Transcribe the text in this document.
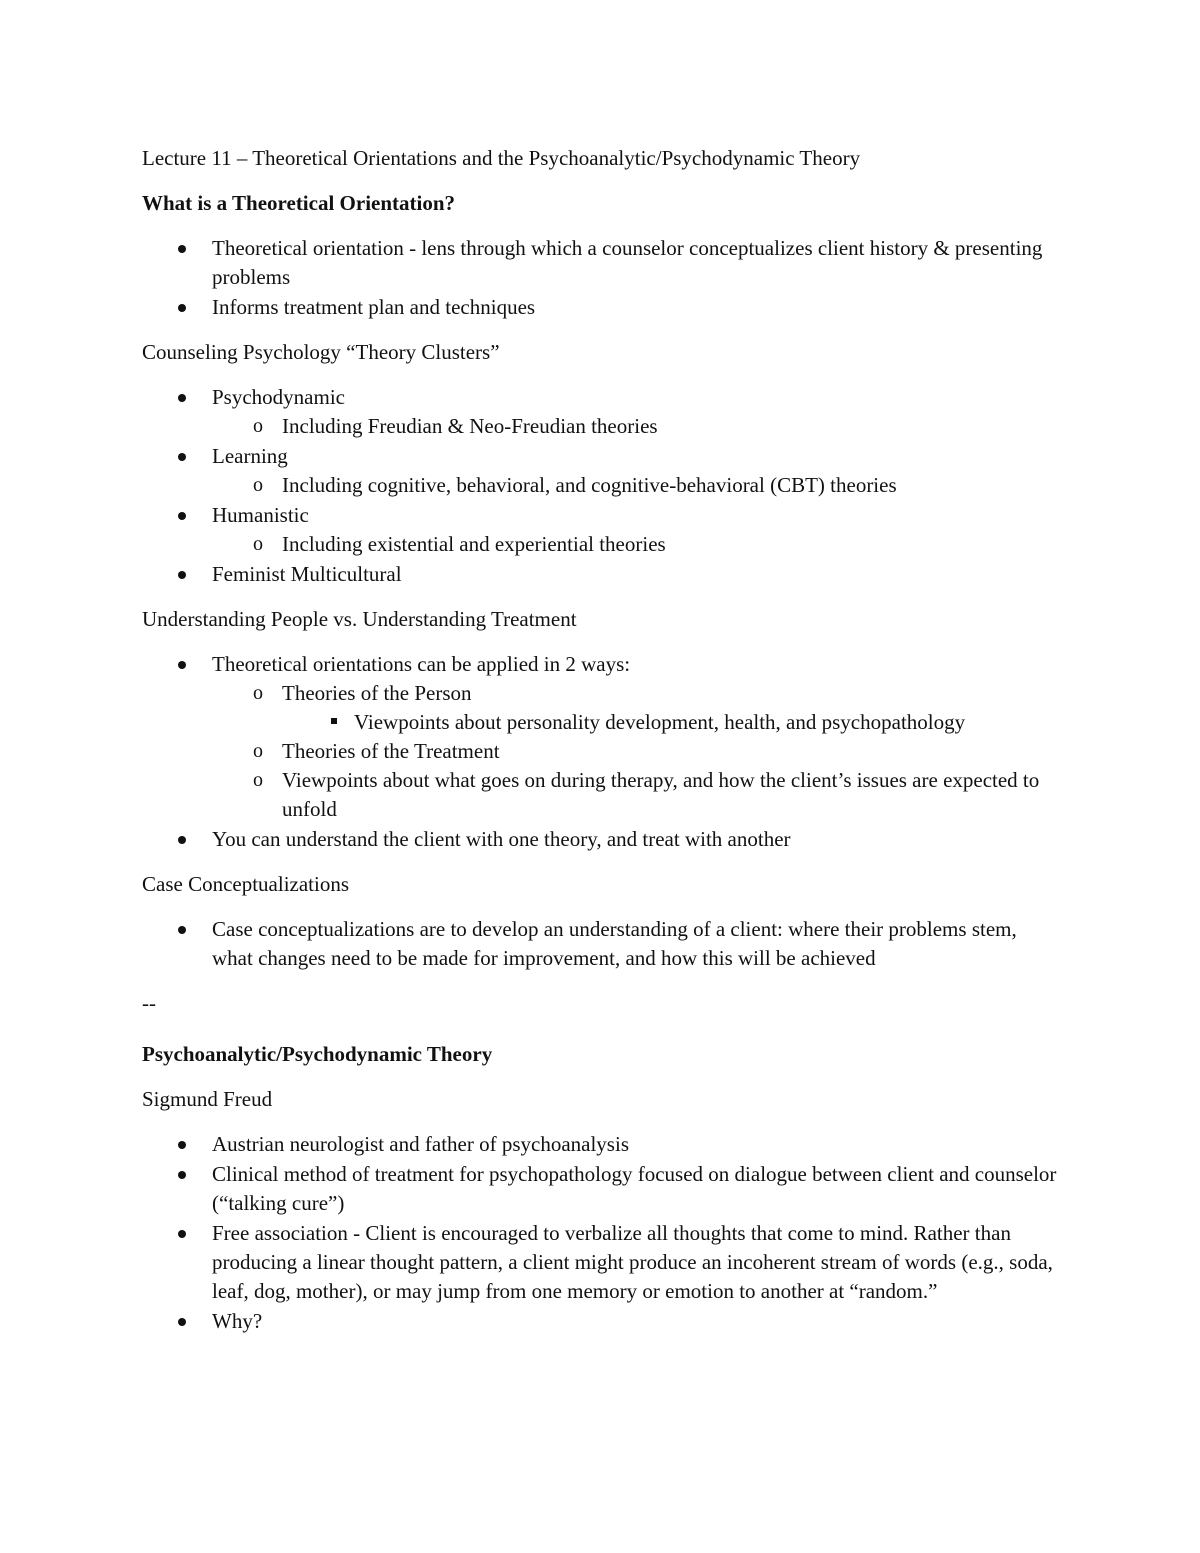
Lecture 11 – Theoretical Orientations and the Psychoanalytic/Psychodynamic Theory

What is a Theoretical Orientation?

Theoretical orientation - lens through which a counselor conceptualizes client history & presenting problems
Informs treatment plan and techniques

Counseling Psychology “Theory Clusters”

Psychodynamic
o Including Freudian & Neo-Freudian theories
Learning
o Including cognitive, behavioral, and cognitive-behavioral (CBT) theories
Humanistic
o Including existential and experiential theories
Feminist Multicultural

Understanding People vs. Understanding Treatment

Theoretical orientations can be applied in 2 ways:
o Theories of the Person
Viewpoints about personality development, health, and psychopathology
o Theories of the Treatment
o Viewpoints about what goes on during therapy, and how the client’s issues are expected to unfold
You can understand the client with one theory, and treat with another

Case Conceptualizations

Case conceptualizations are to develop an understanding of a client: where their problems stem, what changes need to be made for improvement, and how this will be achieved

--

Psychoanalytic/Psychodynamic Theory

Sigmund Freud

Austrian neurologist and father of psychoanalysis
Clinical method of treatment for psychopathology focused on dialogue between client and counselor (“talking cure”)
Free association - Client is encouraged to verbalize all thoughts that come to mind. Rather than producing a linear thought pattern, a client might produce an incoherent stream of words (e.g., soda, leaf, dog, mother), or may jump from one memory or emotion to another at “random.”
Why?
